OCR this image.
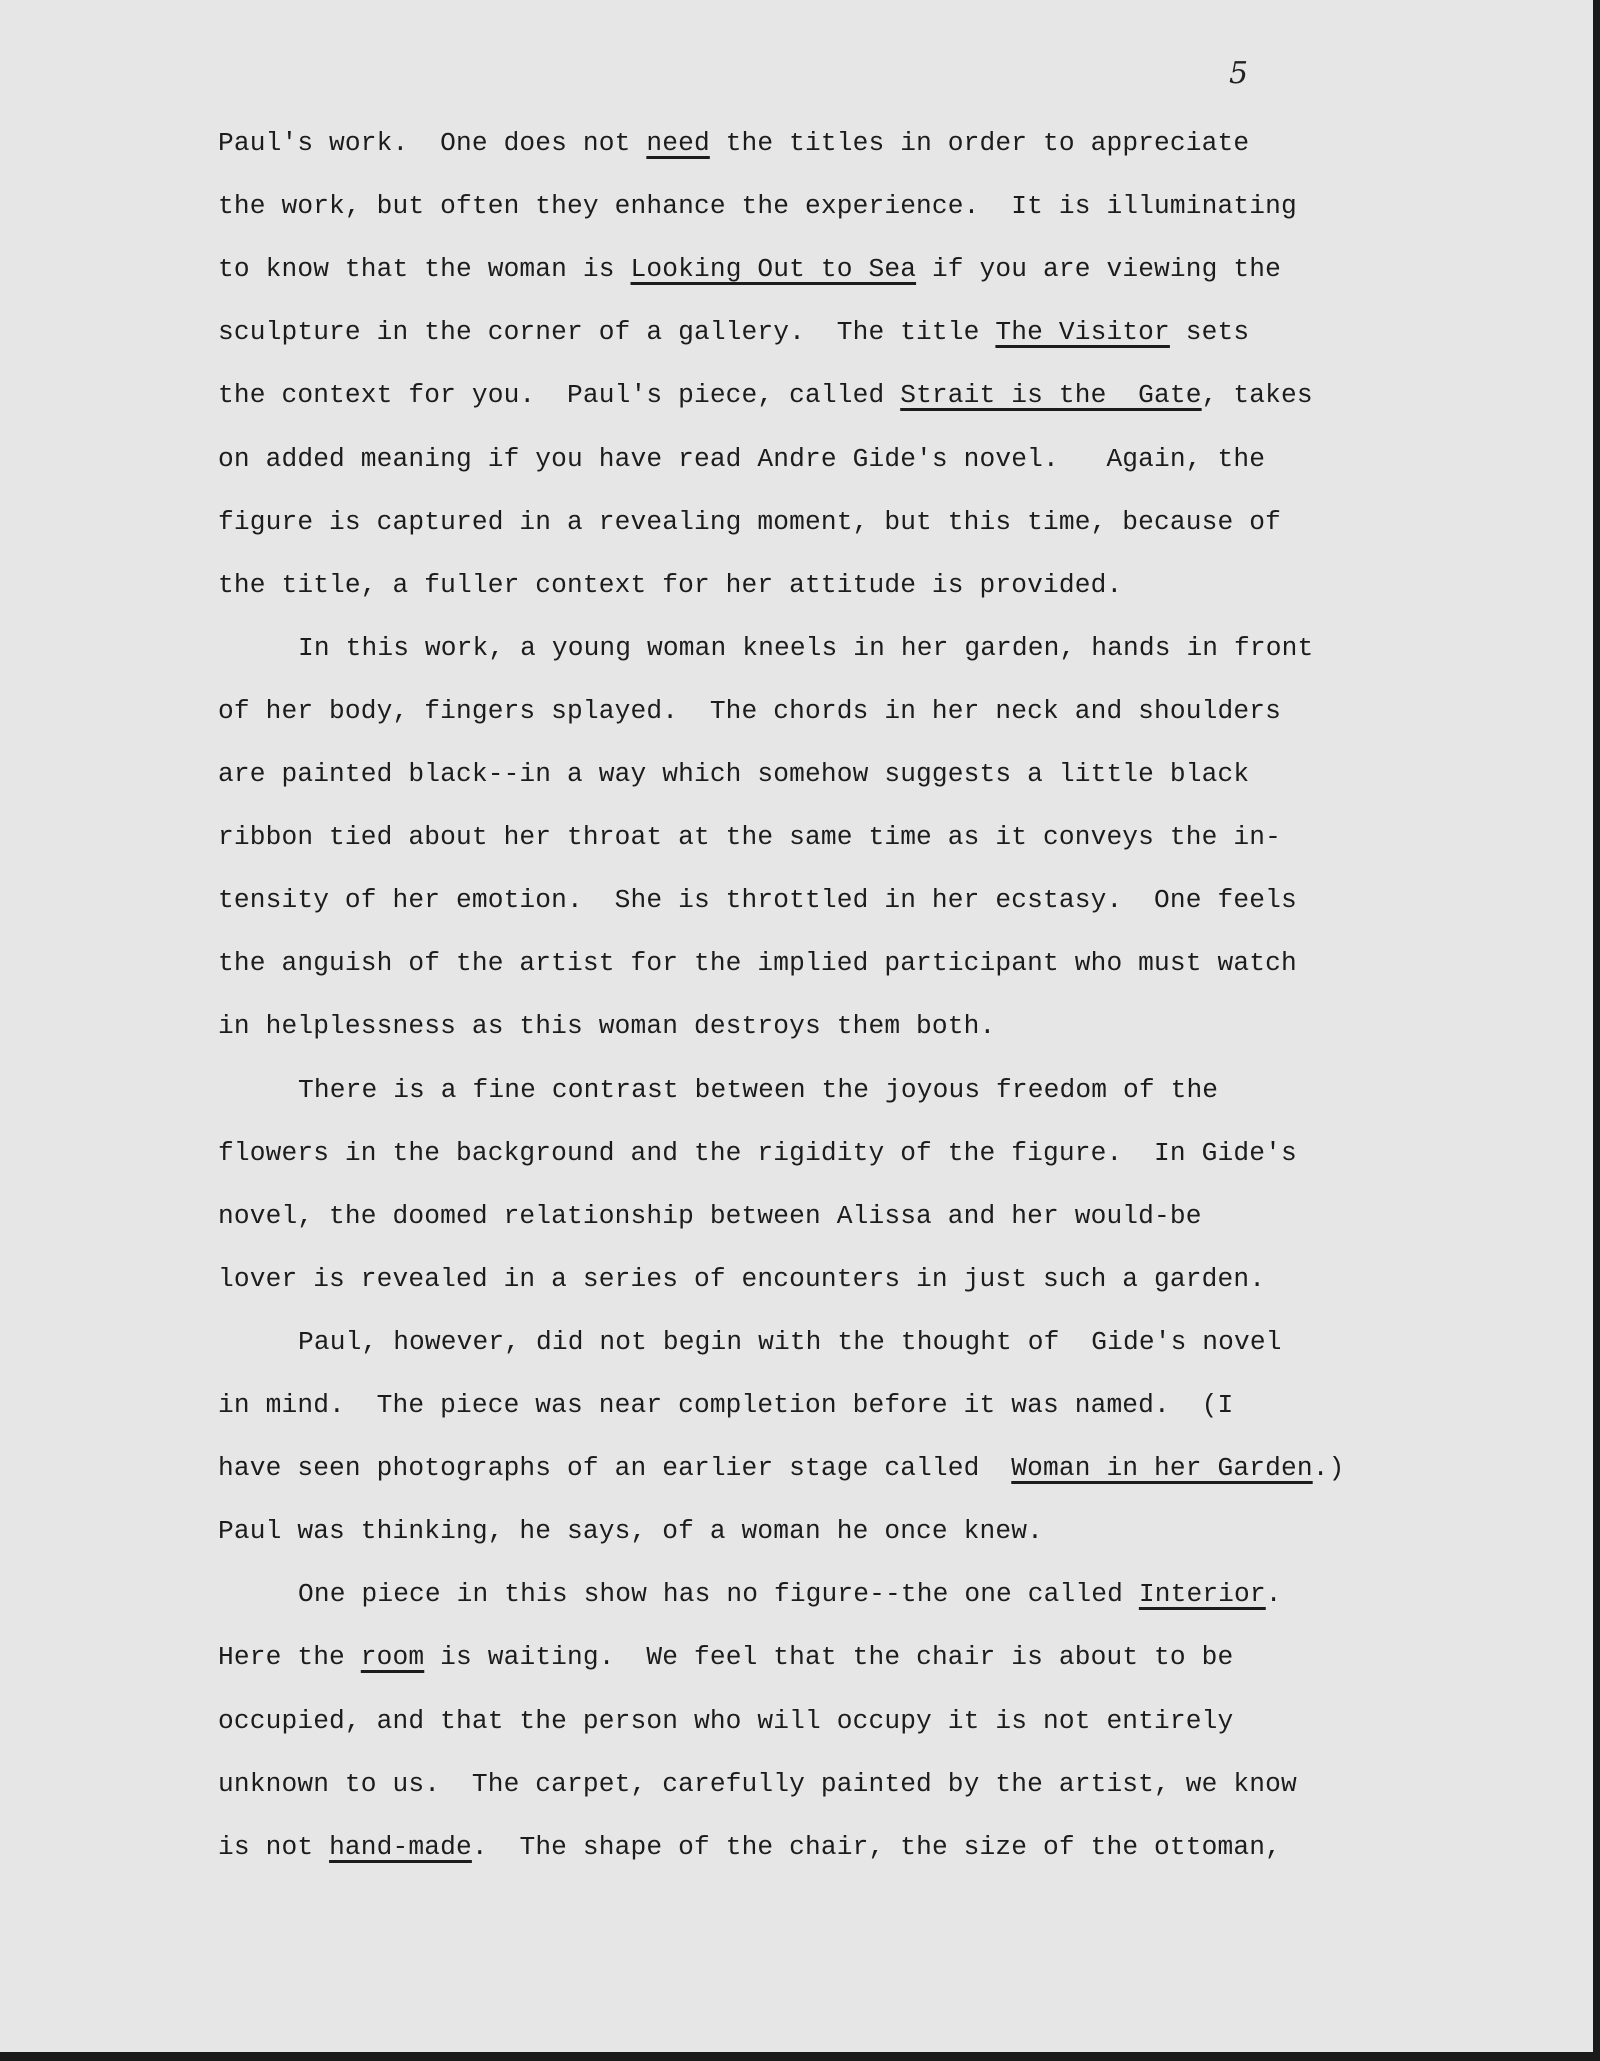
5
Paul's work.  One does not need the titles in order to appreciate
the work, but often they enhance the experience.  It is illuminating
to know that the woman is Looking Out to Sea if you are viewing the
sculpture in the corner of a gallery.  The title The Visitor sets
the context for you.  Paul's piece, called Strait is the  Gate, takes
on added meaning if you have read Andre Gide's novel.   Again, the
figure is captured in a revealing moment, but this time, because of
the title, a fuller context for her attitude is provided.
In this work, a young woman kneels in her garden, hands in front
of her body, fingers splayed.  The chords in her neck and shoulders
are painted black--in a way which somehow suggests a little black
ribbon tied about her throat at the same time as it conveys the in-
tensity of her emotion.  She is throttled in her ecstasy.  One feels
the anguish of the artist for the implied participant who must watch
in helplessness as this woman destroys them both.
There is a fine contrast between the joyous freedom of the
flowers in the background and the rigidity of the figure.  In Gide's
novel, the doomed relationship between Alissa and her would-be
lover is revealed in a series of encounters in just such a garden.
Paul, however, did not begin with the thought of  Gide's novel
in mind.  The piece was near completion before it was named.  (I
have seen photographs of an earlier stage called  Woman in her Garden.)
Paul was thinking, he says, of a woman he once knew.
One piece in this show has no figure--the one called Interior.
Here the room is waiting.  We feel that the chair is about to be
occupied, and that the person who will occupy it is not entirely
unknown to us.  The carpet, carefully painted by the artist, we know
is not hand-made.  The shape of the chair, the size of the ottoman,
